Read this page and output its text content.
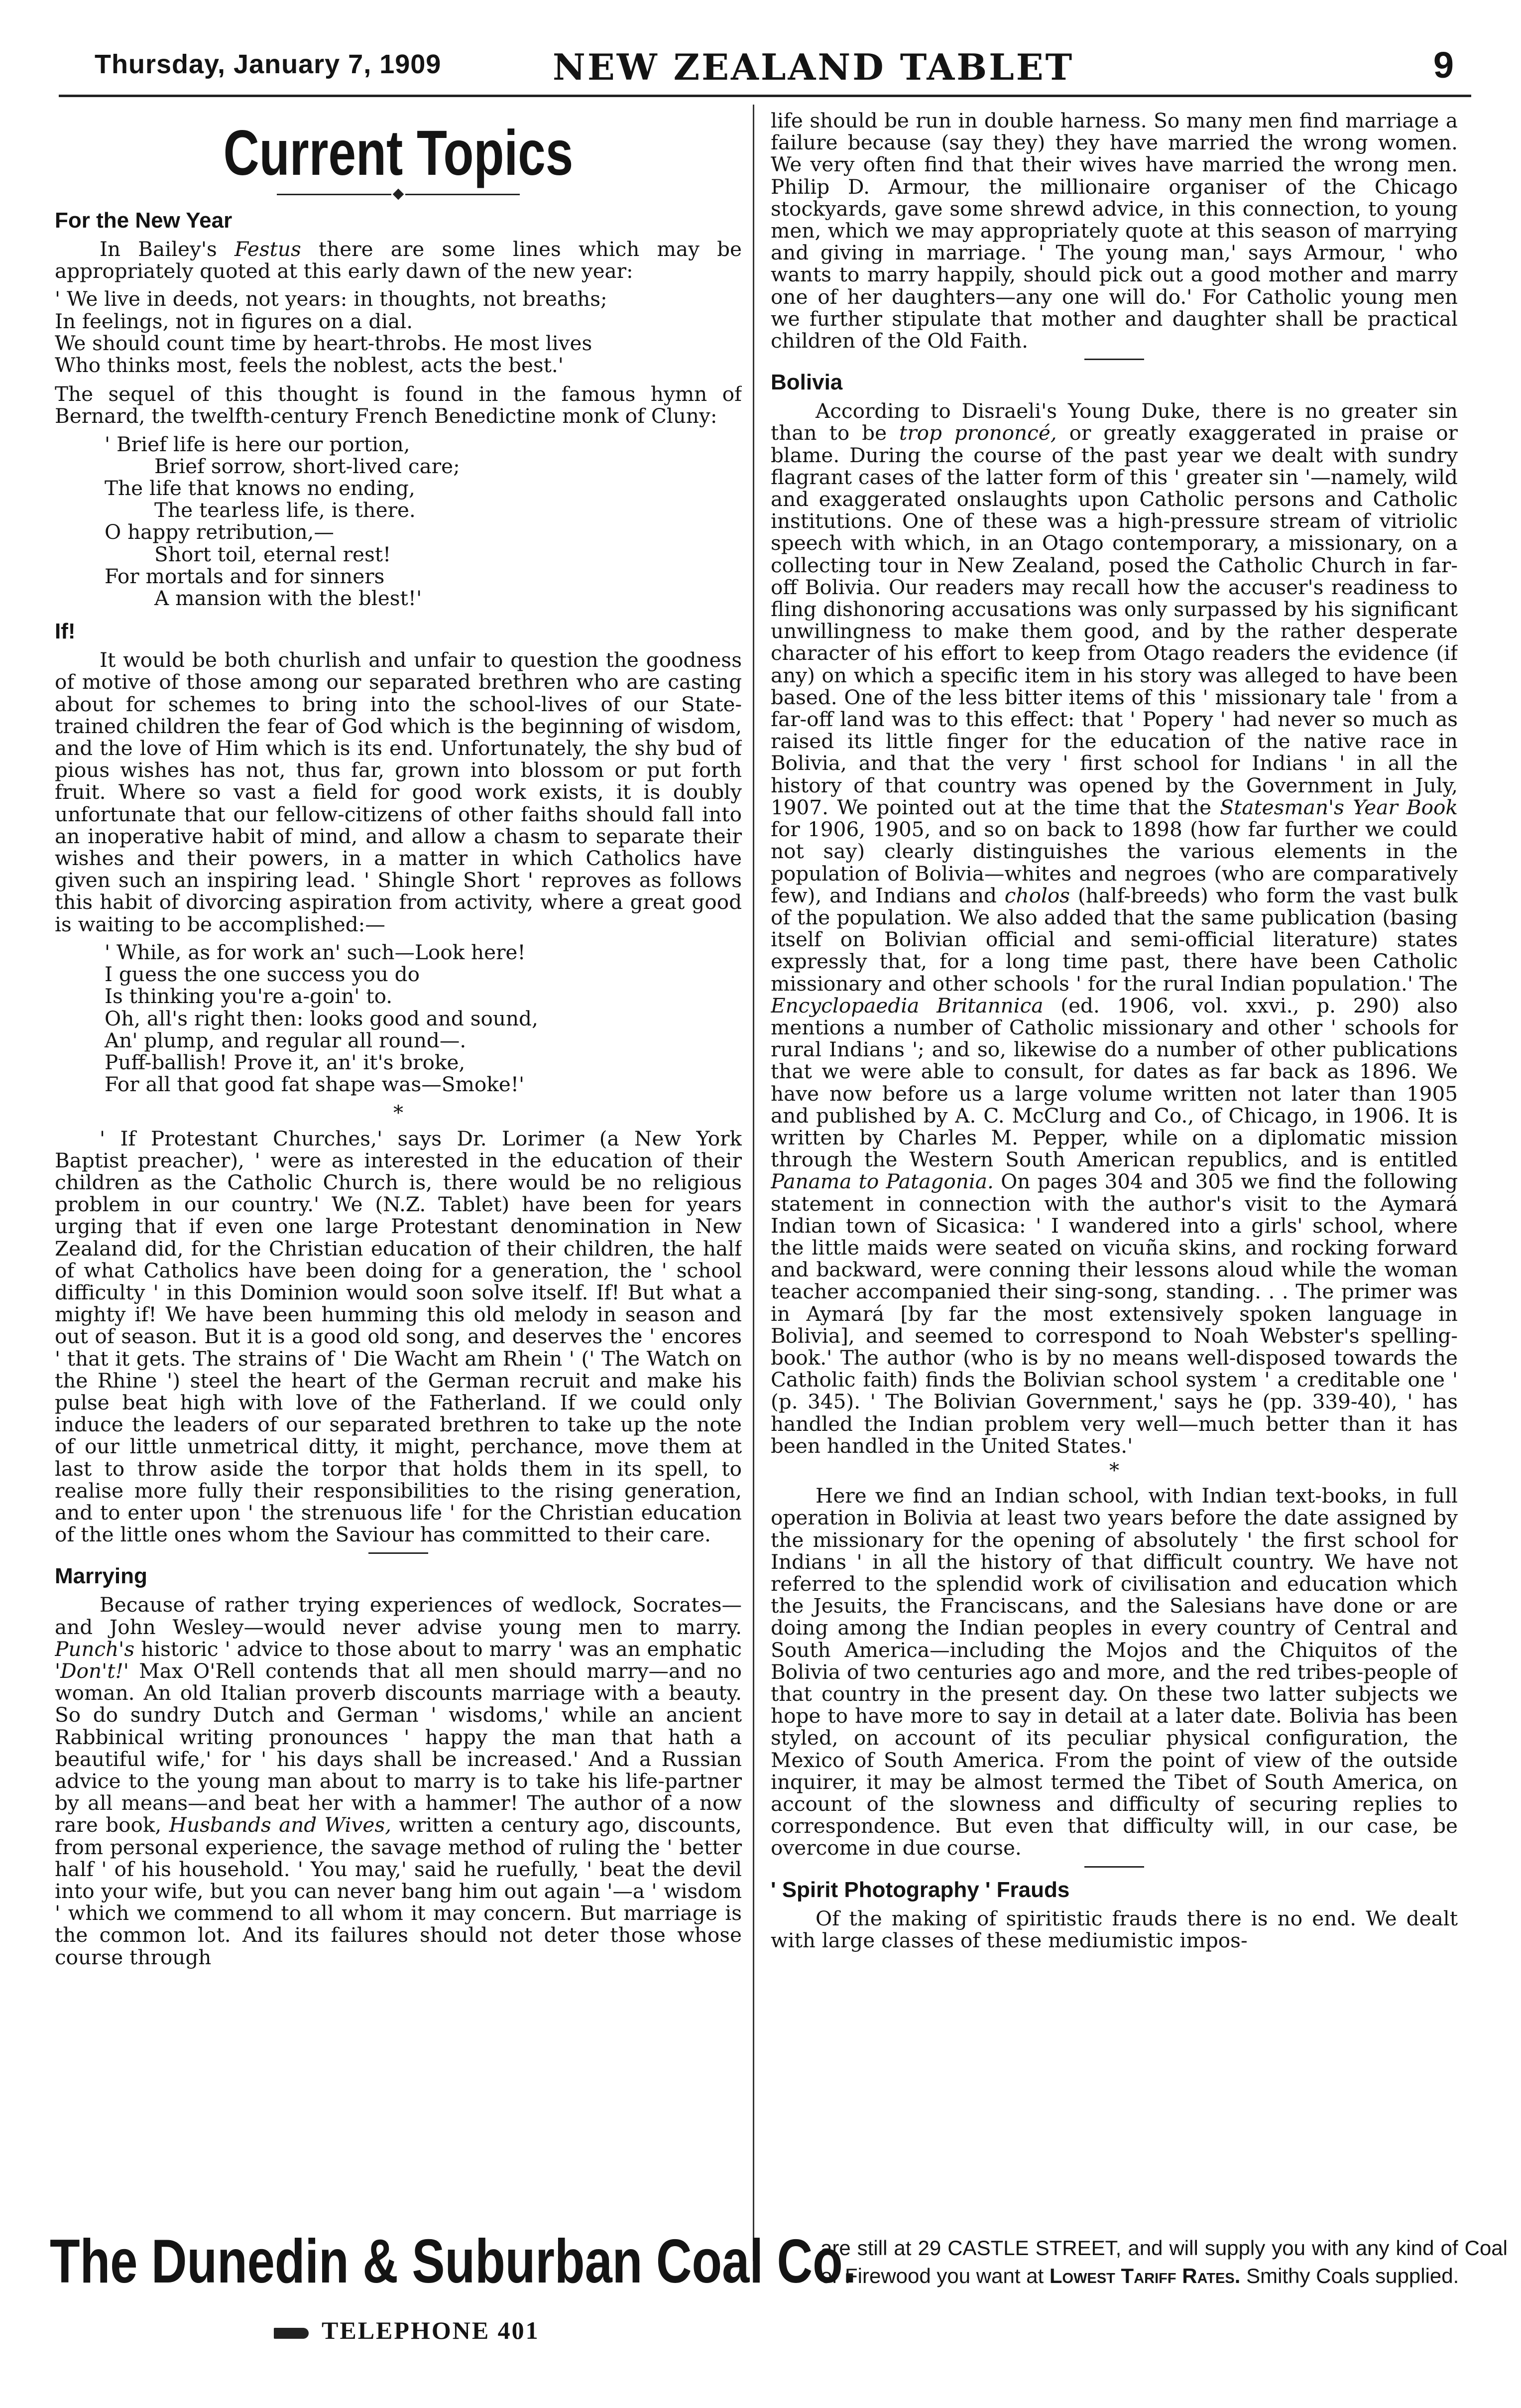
Thursday, January 7, 1909	NEW ZEALAND TABLET	9
Current Topics
For the New Year

In Bailey's Festus there are some lines which may be appropriately quoted at this early dawn of the new year:

' We live in deeds, not years: in thoughts, not breaths;
In feelings, not in figures on a dial.
We should count time by heart-throbs. He most lives
Who thinks most, feels the noblest, acts the best.'

The sequel of this thought is found in the famous hymn of Bernard, the twelfth-century French Benedictine monk of Cluny:

' Brief life is here our portion,
Brief sorrow, short-lived care;
The life that knows no ending,
The tearless life, is there.
O happy retribution,—
Short toil, eternal rest!
For mortals and for sinners
A mansion with the blest!'
If!

It would be both churlish and unfair to question the goodness of motive of those among our separated brethren who are casting about for schemes to bring into the school-lives of our State-trained children the fear of God which is the beginning of wisdom, and the love of Him which is its end. Unfortunately, the shy bud of pious wishes has not, thus far, grown into blossom or put forth fruit. Where so vast a field for good work exists, it is doubly unfortunate that our fellow-citizens of other faiths should fall into an inoperative habit of mind, and allow a chasm to separate their wishes and their powers, in a matter in which Catholics have given such an inspiring lead. ' Shingle Short ' reproves as follows this habit of divorcing aspiration from activity, where a great good is waiting to be accomplished:—

' While, as for work an' such—Look here!
I guess the one success you do
Is thinking you're a-goin' to.
Oh, all's right then: looks good and sound,
An' plump, and regular all round—.
Puff-ballish! Prove it, an' it's broke,
For all that good fat shape was—Smoke!'
*

' If Protestant Churches,' says Dr. Lorimer (a New York Baptist preacher), ' were as interested in the education of their children as the Catholic Church is, there would be no religious problem in our country.' We (N.Z. Tablet) have been for years urging that if even one large Protestant denomination in New Zealand did, for the Christian education of their children, the half of what Catholics have been doing for a generation, the ' school difficulty ' in this Dominion would soon solve itself. If! But what a mighty if! We have been humming this old melody in season and out of season. But it is a good old song, and deserves the ' encores ' that it gets. The strains of ' Die Wacht am Rhein ' (' The Watch on the Rhine ') steel the heart of the German recruit and make his pulse beat high with love of the Fatherland. If we could only induce the leaders of our separated brethren to take up the note of our little unmetrical ditty, it might, perchance, move them at last to throw aside the torpor that holds them in its spell, to realise more fully their responsibilities to the rising generation, and to enter upon ' the strenuous life ' for the Christian education of the little ones whom the Saviour has committed to their care.

Marrying

Because of rather trying experiences of wedlock, Socrates—and John Wesley—would never advise young men to marry. Punch's historic ' advice to those about to marry ' was an emphatic 'Don't!' Max O'Rell contends that all men should marry—and no woman. An old Italian proverb discounts marriage with a beauty. So do sundry Dutch and German ' wisdoms,' while an ancient Rabbinical writing pronounces ' happy the man that hath a beautiful wife,' for ' his days shall be increased.' And a Russian advice to the young man about to marry is to take his life-partner by all means—and beat her with a hammer! The author of a now rare book, Husbands and Wives, written a century ago, discounts, from personal experience, the savage method of ruling the ' better half ' of his household. ' You may,' said he ruefully, ' beat the devil into your wife, but you can never bang him out again '—a ' wisdom ' which we commend to all whom it may concern. But marriage is the common lot. And its failures should not deter those whose course through

life should be run in double harness. So many men find marriage a failure because (say they) they have married the wrong women. We very often find that their wives have married the wrong men. Philip D. Armour, the millionaire organiser of the Chicago stockyards, gave some shrewd advice, in this connection, to young men, which we may appropriately quote at this season of marrying and giving in marriage. ' The young man,' says Armour, ' who wants to marry happily, should pick out a good mother and marry one of her daughters—any one will do.' For Catholic young men we further stipulate that mother and daughter shall be practical children of the Old Faith.

Bolivia

According to Disraeli's Young Duke, there is no greater sin than to be trop prononcé, or greatly exaggerated in praise or blame. During the course of the past year we dealt with sundry flagrant cases of the latter form of this ' greater sin '—namely, wild and exaggerated onslaughts upon Catholic persons and Catholic institutions. One of these was a high-pressure stream of vitriolic speech with which, in an Otago contemporary, a missionary, on a collecting tour in New Zealand, posed the Catholic Church in far-off Bolivia. Our readers may recall how the accuser's readiness to fling dishonoring accusations was only surpassed by his significant unwillingness to make them good, and by the rather desperate character of his effort to keep from Otago readers the evidence (if any) on which a specific item in his story was alleged to have been based. One of the less bitter items of this ' missionary tale ' from a far-off land was to this effect: that ' Popery ' had never so much as raised its little finger for the education of the native race in Bolivia, and that the very ' first school for Indians ' in all the history of that country was opened by the Government in July, 1907. We pointed out at the time that the Statesman's Year Book for 1906, 1905, and so on back to 1898 (how far further we could not say) clearly distinguishes the various elements in the population of Bolivia—whites and negroes (who are comparatively few), and Indians and cholos (half-breeds) who form the vast bulk of the population. We also added that the same publication (basing itself on Bolivian official and semi-official literature) states expressly that, for a long time past, there have been Catholic missionary and other schools ' for the rural Indian population.' The Encyclopaedia Britannica (ed. 1906, vol. xxvi., p. 290) also mentions a number of Catholic missionary and other ' schools for rural Indians '; and so, likewise do a number of other publications that we were able to consult, for dates as far back as 1896. We have now before us a large volume written not later than 1905 and published by A. C. McClurg and Co., of Chicago, in 1906. It is written by Charles M. Pepper, while on a diplomatic mission through the Western South American republics, and is entitled Panama to Patagonia. On pages 304 and 305 we find the following statement in connection with the author's visit to the Aymará Indian town of Sicasica: ' I wandered into a girls' school, where the little maids were seated on vicuña skins, and rocking forward and backward, were conning their lessons aloud while the woman teacher accompanied their sing-song, standing. . . The primer was in Aymará [by far the most extensively spoken language in Bolivia], and seemed to correspond to Noah Webster's spelling-book.' The author (who is by no means well-disposed towards the Catholic faith) finds the Bolivian school system ' a creditable one ' (p. 345). ' The Bolivian Government,' says he (pp. 339-40), ' has handled the Indian problem very well—much better than it has been handled in the United States.'

*

Here we find an Indian school, with Indian text-books, in full operation in Bolivia at least two years before the date assigned by the missionary for the opening of absolutely ' the first school for Indians ' in all the history of that difficult country. We have not referred to the splendid work of civilisation and education which the Jesuits, the Franciscans, and the Salesians have done or are doing among the Indian peoples in every country of Central and South America—including the Mojos and the Chiquitos of the Bolivia of two centuries ago and more, and the red tribes-people of that country in the present day. On these two latter subjects we hope to have more to say in detail at a later date. Bolivia has been styled, on account of its peculiar physical configuration, the Mexico of South America. From the point of view of the outside inquirer, it may be almost termed the Tibet of South America, on account of the slowness and difficulty of securing replies to correspondence. But even that difficulty will, in our case, be overcome in due course.

' Spirit Photography ' Frauds

Of the making of spiritistic frauds there is no end. We dealt with large classes of these mediumistic impos-

The Dunedin & Suburban Coal Co.
TELEPHONE 401
are still at 29 CASTLE STREET, and will supply you with any kind of Coal or Firewood you want at Lowest Tariff Rates. Smithy Coals supplied.
